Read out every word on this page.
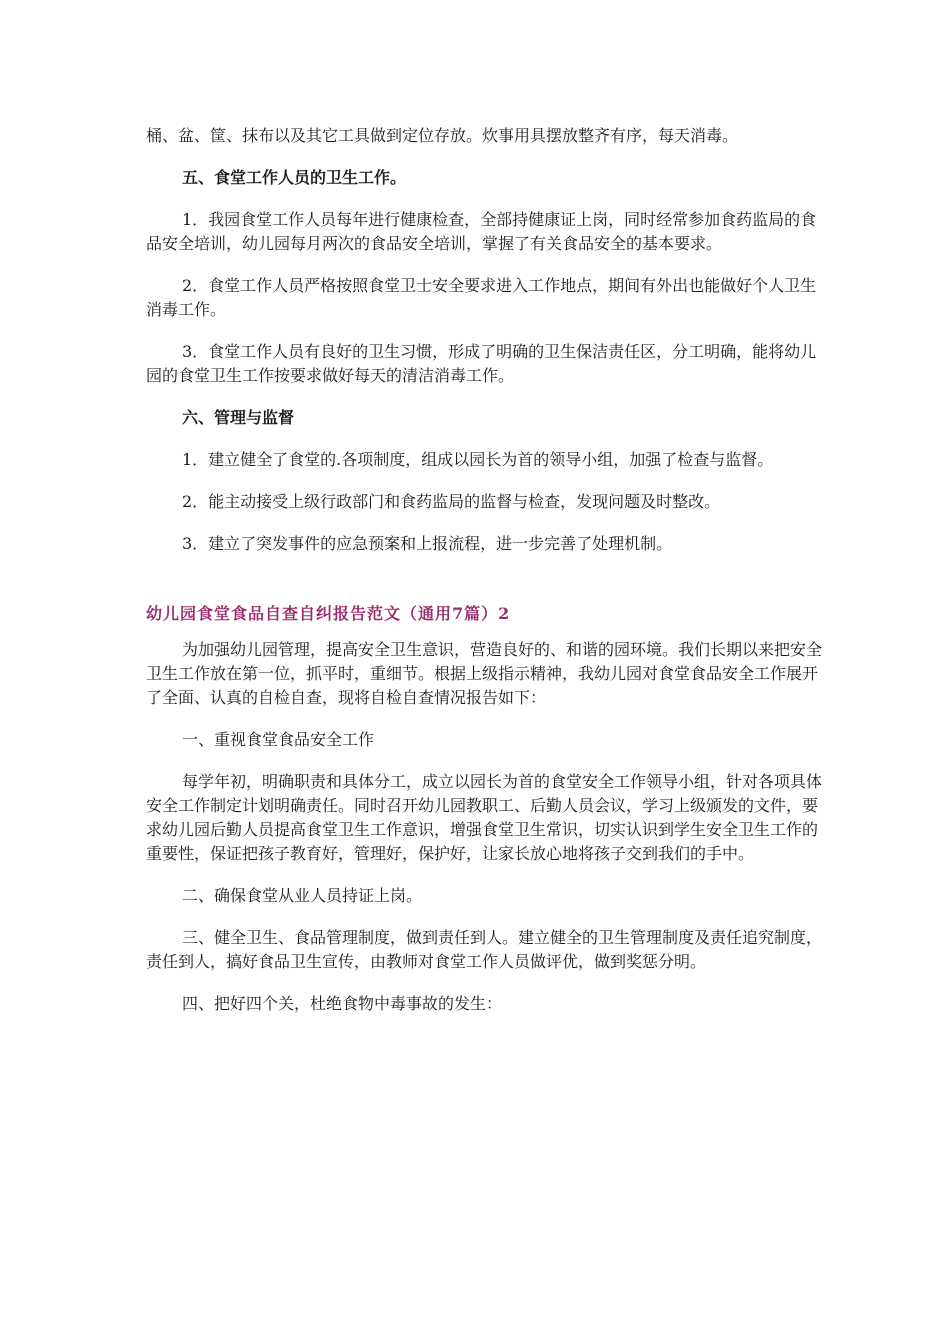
桶、盆、筐、抹布以及其它工具做到定位存放。炊事用具摆放整齐有序，每天消毒。

五、食堂工作人员的卫生工作。

1．我园食堂工作人员每年进行健康检查，全部持健康证上岗，同时经常参加食药监局的食品安全培训，幼儿园每月两次的食品安全培训，掌握了有关食品安全的基本要求。

2．食堂工作人员严格按照食堂卫士安全要求进入工作地点，期间有外出也能做好个人卫生消毒工作。

3．食堂工作人员有良好的卫生习惯，形成了明确的卫生保洁责任区，分工明确，能将幼儿园的食堂卫生工作按要求做好每天的清洁消毒工作。

六、管理与监督

1．建立健全了食堂的.各项制度，组成以园长为首的领导小组，加强了检查与监督。

2．能主动接受上级行政部门和食药监局的监督与检查，发现问题及时整改。

3．建立了突发事件的应急预案和上报流程，进一步完善了处理机制。

幼儿园食堂食品自查自纠报告范文（通用7篇）2

为加强幼儿园管理，提高安全卫生意识，营造良好的、和谐的园环境。我们长期以来把安全卫生工作放在第一位，抓平时，重细节。根据上级指示精神，我幼儿园对食堂食品安全工作展开了全面、认真的自检自查，现将自检自查情况报告如下：

一、重视食堂食品安全工作

每学年初，明确职责和具体分工，成立以园长为首的食堂安全工作领导小组，针对各项具体安全工作制定计划明确责任。同时召开幼儿园教职工、后勤人员会议，学习上级颁发的文件，要求幼儿园后勤人员提高食堂卫生工作意识，增强食堂卫生常识，切实认识到学生安全卫生工作的重要性，保证把孩子教育好，管理好，保护好，让家长放心地将孩子交到我们的手中。

二、确保食堂从业人员持证上岗。

三、健全卫生、食品管理制度，做到责任到人。建立健全的卫生管理制度及责任追究制度，责任到人，搞好食品卫生宣传，由教师对食堂工作人员做评优，做到奖惩分明。

四、把好四个关，杜绝食物中毒事故的发生：
